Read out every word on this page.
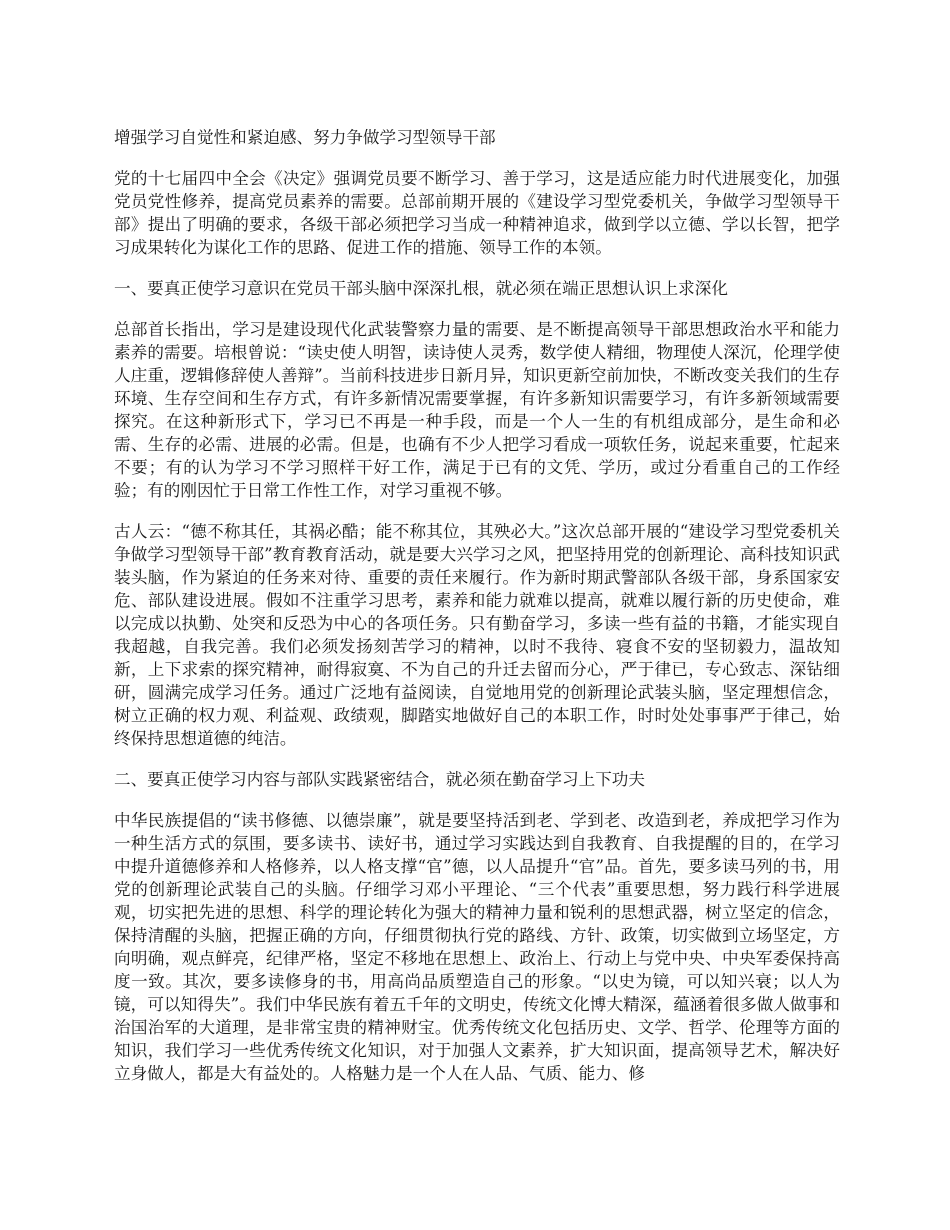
增强学习自觉性和紧迫感、努力争做学习型领导干部

党的十七届四中全会《决定》强调党员要不断学习、善于学习，这是适应能力时代进展变化，加强党员党性修养，提高党员素养的需要。总部前期开展的《建设学习型党委机关，争做学习型领导干部》提出了明确的要求，各级干部必须把学习当成一种精神追求，做到学以立德、学以长智，把学习成果转化为谋化工作的思路、促进工作的措施、领导工作的本领。

一、要真正使学习意识在党员干部头脑中深深扎根，就必须在端正思想认识上求深化

总部首长指出，学习是建设现代化武装警察力量的需要、是不断提高领导干部思想政治水平和能力素养的需要。培根曾说：“读史使人明智，读诗使人灵秀，数学使人精细，物理使人深沉，伦理学使人庄重，逻辑修辞使人善辩”。当前科技进步日新月异，知识更新空前加快，不断改变关我们的生存环境、生存空间和生存方式，有许多新情况需要掌握，有许多新知识需要学习，有许多新领域需要探究。在这种新形式下，学习已不再是一种手段，而是一个人一生的有机组成部分，是生命和必需、生存的必需、进展的必需。但是，也确有不少人把学习看成一项软任务，说起来重要，忙起来不要；有的认为学习不学习照样干好工作，满足于已有的文凭、学历，或过分看重自己的工作经验；有的刚因忙于日常工作性工作，对学习重视不够。

古人云：“德不称其任，其祸必酷；能不称其位，其殃必大。”这次总部开展的“建设学习型党委机关争做学习型领导干部”教育教育活动，就是要大兴学习之风，把坚持用党的创新理论、高科技知识武装头脑，作为紧迫的任务来对待、重要的责任来履行。作为新时期武警部队各级干部，身系国家安危、部队建设进展。假如不注重学习思考，素养和能力就难以提高，就难以履行新的历史使命，难以完成以执勤、处突和反恐为中心的各项任务。只有勤奋学习，多读一些有益的书籍，才能实现自我超越，自我完善。我们必须发扬刻苦学习的精神，以时不我待、寝食不安的坚韧毅力，温故知新，上下求索的探究精神，耐得寂寞、不为自己的升迁去留而分心，严于律已，专心致志、深钻细研，圆满完成学习任务。通过广泛地有益阅读，自觉地用党的创新理论武装头脑，坚定理想信念，树立正确的权力观、利益观、政绩观，脚踏实地做好自己的本职工作，时时处处事事严于律己，始终保持思想道德的纯洁。

二、要真正使学习内容与部队实践紧密结合，就必须在勤奋学习上下功夫

中华民族提倡的“读书修德、以德崇廉”，就是要坚持活到老、学到老、改造到老，养成把学习作为一种生活方式的氛围，要多读书、读好书，通过学习实践达到自我教育、自我提醒的目的，在学习中提升道德修养和人格修养，以人格支撑“官”德，以人品提升“官”品。首先，要多读马列的书，用党的创新理论武装自己的头脑。仔细学习邓小平理论、“三个代表”重要思想，努力践行科学进展观，切实把先进的思想、科学的理论转化为强大的精神力量和锐利的思想武器，树立坚定的信念，保持清醒的头脑，把握正确的方向，仔细贯彻执行党的路线、方针、政策，切实做到立场坚定，方向明确，观点鲜亮，纪律严格，坚定不移地在思想上、政治上、行动上与党中央、中央军委保持高度一致。其次，要多读修身的书，用高尚品质塑造自己的形象。“以史为镜，可以知兴衰；以人为镜，可以知得失”。我们中华民族有着五千年的文明史，传统文化博大精深，蕴涵着很多做人做事和治国治军的大道理，是非常宝贵的精神财宝。优秀传统文化包括历史、文学、哲学、伦理等方面的知识，我们学习一些优秀传统文化知识，对于加强人文素养，扩大知识面，提高领导艺术，解决好立身做人，都是大有益处的。人格魅力是一个人在人品、气质、能力、修
